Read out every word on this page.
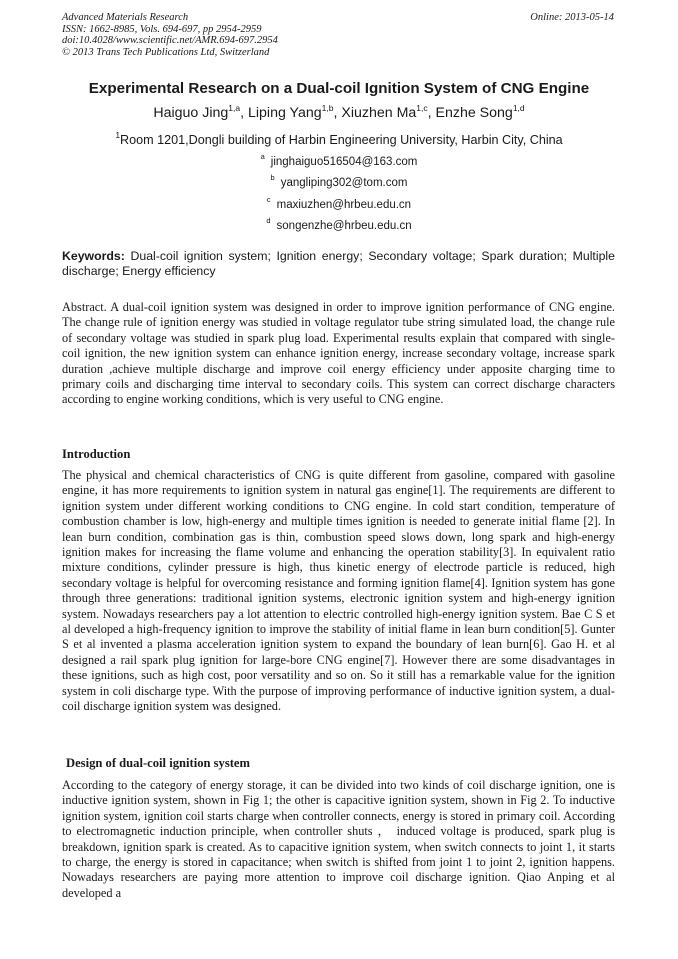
Advanced Materials Research
ISSN: 1662-8985, Vols. 694-697, pp 2954-2959
doi:10.4028/www.scientific.net/AMR.694-697.2954
© 2013 Trans Tech Publications Ltd, Switzerland
Online: 2013-05-14
Experimental Research on a Dual-coil Ignition System of CNG Engine
Haiguo Jing$^{1,a}$, Liping Yang$^{1,b}$, Xiuzhen Ma$^{1,c}$, Enzhe Song$^{1,d}$
$^1$Room 1201,Dongli building of Harbin Engineering University, Harbin City, China
$^a$ jinghaiguo516504@163.com
$^b$ yangliping302@tom.com
$^c$ maxiuzhen@hrbeu.edu.cn
$^d$ songenzhe@hrbeu.edu.cn
Keywords: Dual-coil ignition system; Ignition energy; Secondary voltage; Spark duration; Multiple discharge; Energy efficiency

Abstract. A dual-coil ignition system was designed in order to improve ignition performance of CNG engine. The change rule of ignition energy was studied in voltage regulator tube string simulated load, the change rule of secondary voltage was studied in spark plug load. Experimental results explain that compared with single-coil ignition, the new ignition system can enhance ignition energy, increase secondary voltage, increase spark duration ,achieve multiple discharge and improve coil energy efficiency under apposite charging time to primary coils and discharging time interval to secondary coils. This system can correct discharge characters according to engine working conditions, which is very useful to CNG engine.

Introduction

The physical and chemical characteristics of CNG is quite different from gasoline, compared with gasoline engine, it has more requirements to ignition system in natural gas engine[1]. The requirements are different to ignition system under different working conditions to CNG engine. In cold start condition, temperature of combustion chamber is low, high-energy and multiple times ignition is needed to generate initial flame [2]. In lean burn condition, combination gas is thin, combustion speed slows down, long spark and high-energy ignition makes for increasing the flame volume and enhancing the operation stability[3]. In equivalent ratio mixture conditions, cylinder pressure is high, thus kinetic energy of electrode particle is reduced, high secondary voltage is helpful for overcoming resistance and forming ignition flame[4]. Ignition system has gone through three generations: traditional ignition systems, electronic ignition system and high-energy ignition system. Nowadays researchers pay a lot attention to electric controlled high-energy ignition system. Bae C S et al developed a high-frequency ignition to improve the stability of initial flame in lean burn condition[5]. Gunter S et al invented a plasma acceleration ignition system to expand the boundary of lean burn[6]. Gao H. et al designed a rail spark plug ignition for large-bore CNG engine[7]. However there are some disadvantages in these ignitions, such as high cost, poor versatility and so on. So it still has a remarkable value for the ignition system in coli discharge type. With the purpose of improving performance of inductive ignition system, a dual-coil discharge ignition system was designed.

Design of dual-coil ignition system

According to the category of energy storage, it can be divided into two kinds of coil discharge ignition, one is inductive ignition system, shown in Fig 1; the other is capacitive ignition system, shown in Fig 2. To inductive ignition system, ignition coil starts charge when controller connects, energy is stored in primary coil. According to electromagnetic induction principle, when controller shuts ， induced voltage is produced, spark plug is breakdown, ignition spark is created. As to capacitive ignition system, when switch connects to joint 1, it starts to charge, the energy is stored in capacitance; when switch is shifted from joint 1 to joint 2, ignition happens. Nowadays researchers are paying more attention to improve coil discharge ignition. Qiao Anping et al developed a
